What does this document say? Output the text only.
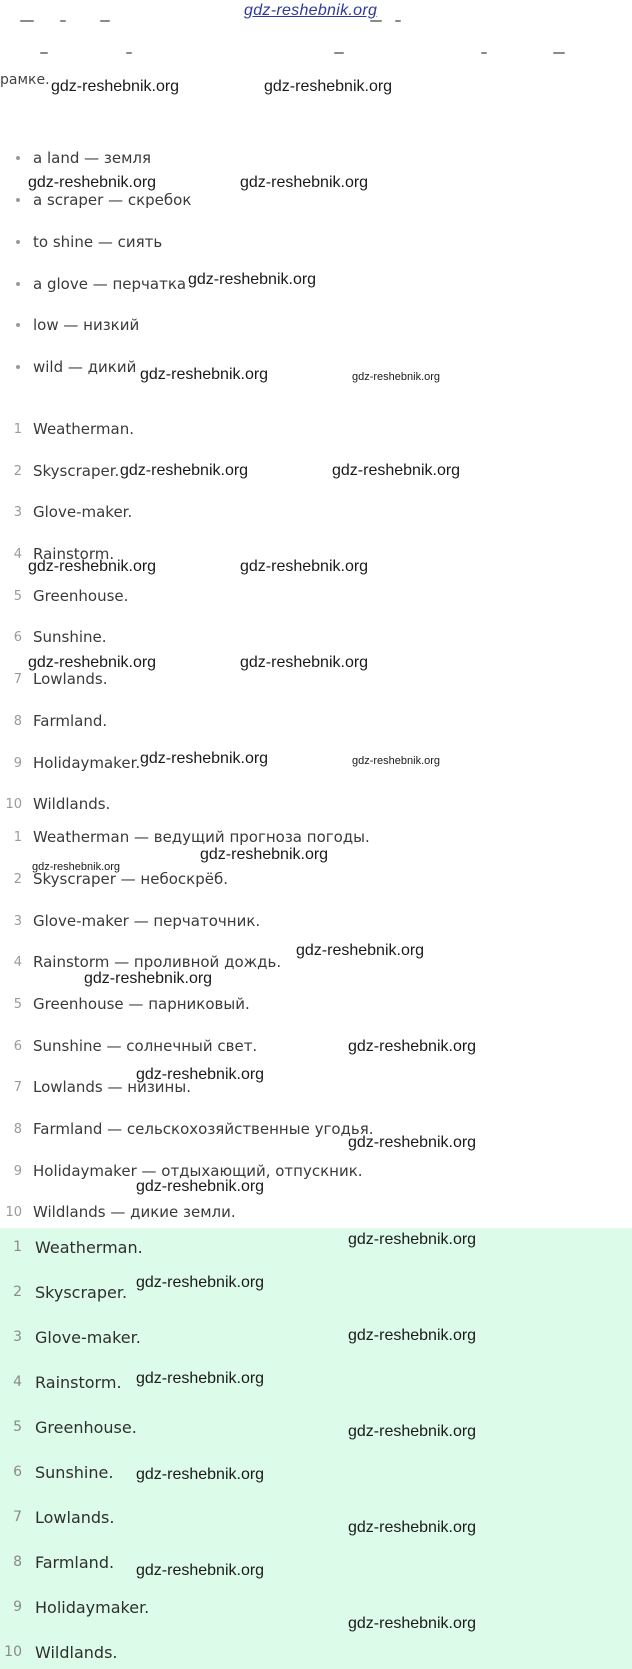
gdz-reshebnik.org
рамке.
a land — земля
a scraper — скребок
to shine — сиять
a glove — перчатка
low — низкий
wild — дикий
1 Weatherman.
2 Skyscraper.
3 Glove-maker.
4 Rainstorm.
5 Greenhouse.
6 Sunshine.
7 Lowlands.
8 Farmland.
9 Holidaymaker.
10 Wildlands.
1 Weatherman — ведущий прогноза погоды.
2 Skyscraper — небоскрёб.
3 Glove-maker — перчаточник.
4 Rainstorm — проливной дождь.
5 Greenhouse — парниковый.
6 Sunshine — солнечный свет.
7 Lowlands — низины.
8 Farmland — сельскохозяйственные угодья.
9 Holidaymaker — отдыхающий, отпускник.
10 Wildlands — дикие земли.
1 Weatherman.
2 Skyscraper.
3 Glove-maker.
4 Rainstorm.
5 Greenhouse.
6 Sunshine.
7 Lowlands.
8 Farmland.
9 Holidaymaker.
10 Wildlands.
gdz-reshebnik.org	gdz-reshebnik.org
gdz-reshebnik.org	gdz-reshebnik.org
gdz-reshebnik.org
gdz-reshebnik.org	gdz-reshebnik.org
gdz-reshebnik.org	gdz-reshebnik.org
gdz-reshebnik.org	gdz-reshebnik.org
gdz-reshebnik.org	gdz-reshebnik.org
gdz-reshebnik.org	gdz-reshebnik.org
gdz-reshebnik.org
gdz-reshebnik.org
gdz-reshebnik.org
gdz-reshebnik.org
gdz-reshebnik.org
gdz-reshebnik.org
gdz-reshebnik.org
gdz-reshebnik.org
gdz-reshebnik.org
gdz-reshebnik.org
gdz-reshebnik.org
gdz-reshebnik.org
gdz-reshebnik.org
gdz-reshebnik.org
gdz-reshebnik.org
gdz-reshebnik.org
gdz-reshebnik.org
